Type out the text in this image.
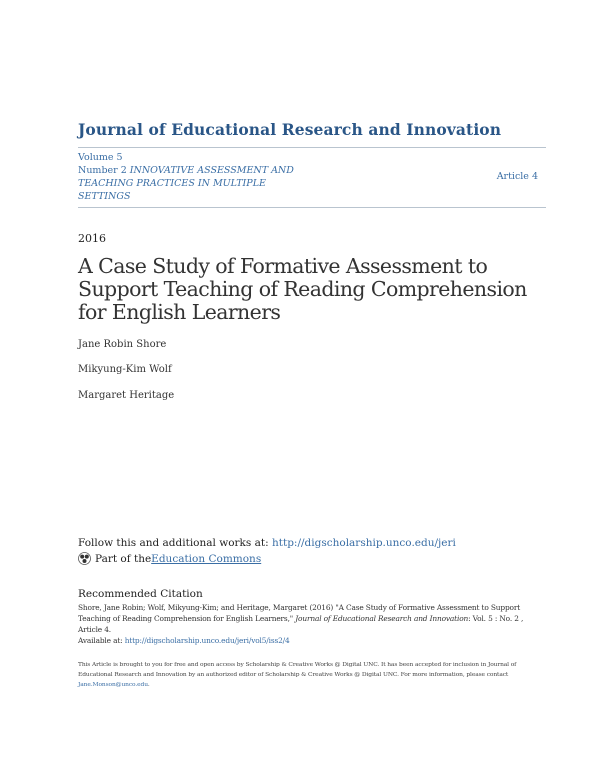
Journal of Educational Research and Innovation
Volume 5
Number 2 INNOVATIVE ASSESSMENT AND TEACHING PRACTICES IN MULTIPLE SETTINGS
Article 4
2016
A Case Study of Formative Assessment to Support Teaching of Reading Comprehension for English Learners
Jane Robin Shore
Mikyung-Kim Wolf
Margaret Heritage
Follow this and additional works at: http://digscholarship.unco.edu/jeri
Part of the Education Commons
Recommended Citation
Shore, Jane Robin; Wolf, Mikyung-Kim; and Heritage, Margaret (2016) "A Case Study of Formative Assessment to Support Teaching of Reading Comprehension for English Learners," Journal of Educational Research and Innovation: Vol. 5 : No. 2 , Article 4.
Available at: http://digscholarship.unco.edu/jeri/vol5/iss2/4
This Article is brought to you for free and open access by Scholarship & Creative Works @ Digital UNC. It has been accepted for inclusion in Journal of Educational Research and Innovation by an authorized editor of Scholarship & Creative Works @ Digital UNC. For more information, please contact Jane.Monson@unco.edu.
